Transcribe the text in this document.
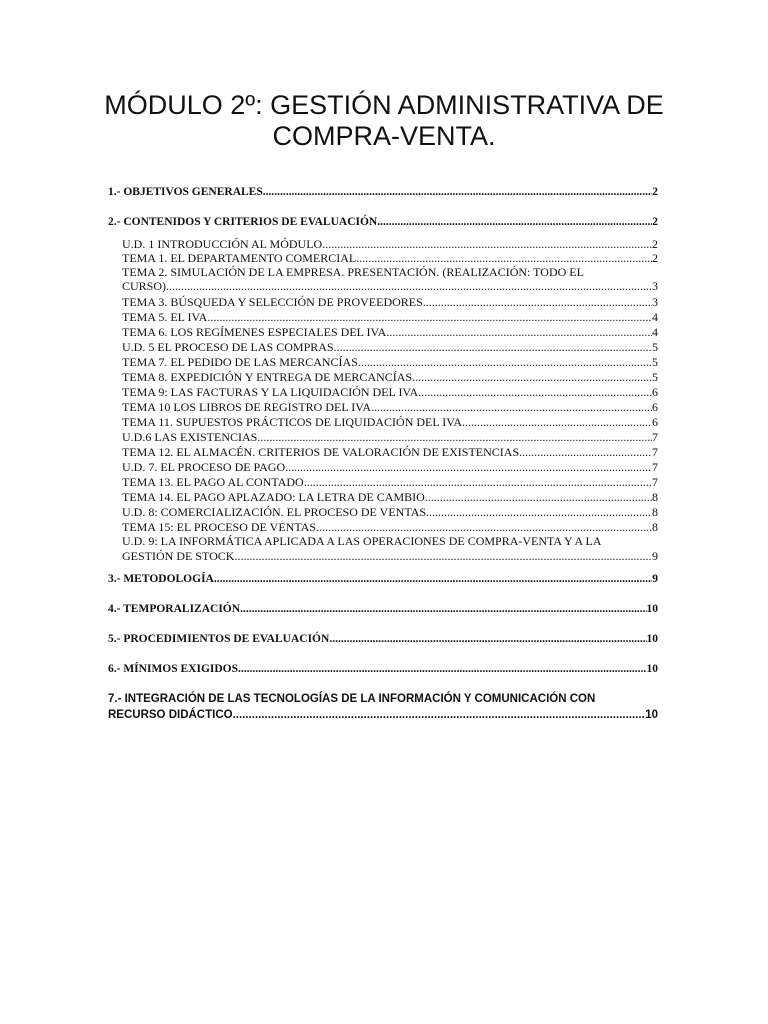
MÓDULO 2º: GESTIÓN ADMINISTRATIVA DE
COMPRA-VENTA.
1.- OBJETIVOS GENERALES. .....	2
2.- CONTENIDOS Y CRITERIOS DE EVALUACIÓN .....	2
U.D. 1 INTRODUCCIÓN AL MÓDULO. .....	2
TEMA 1. EL DEPARTAMENTO COMERCIAL .....	2
TEMA 2. SIMULACIÓN DE LA EMPRESA. PRESENTACIÓN. (REALIZACIÓN: TODO EL
CURSO) .....	3
TEMA 3. BÚSQUEDA Y SELECCIÓN DE PROVEEDORES .....	3
TEMA 5. EL IVA .....	4
TEMA 6. LOS REGÍMENES ESPECIALES DEL IVA .....	4
U.D. 5 EL PROCESO DE LAS COMPRAS .....	5
TEMA 7. EL PEDIDO DE LAS MERCANCÍAS .....	5
TEMA 8. EXPEDICIÓN Y ENTREGA DE MERCANCÍAS .....	5
TEMA 9: LAS FACTURAS Y LA LIQUIDACIÓN DEL IVA .....	6
TEMA 10 LOS LIBROS DE REGISTRO DEL IVA .....	6
TEMA 11. SUPUESTOS PRÁCTICOS DE LIQUIDACIÓN DEL IVA .....	6
U.D.6 LAS EXISTENCIAS .....	7
TEMA 12. EL ALMACÉN. CRITERIOS DE VALORACIÓN DE EXISTENCIAS. .....	7
U.D. 7. EL PROCESO DE PAGO .....	7
TEMA 13. EL PAGO AL CONTADO .....	7
TEMA 14. EL PAGO APLAZADO: LA LETRA DE CAMBIO .....	8
U.D. 8: COMERCIALIZACIÓN. EL PROCESO DE VENTAS .....	8
TEMA 15: EL PROCESO DE VENTAS .....	8
U.D. 9: LA INFORMÁTICA APLICADA A LAS OPERACIONES DE COMPRA-VENTA Y A LA
GESTIÓN DE STOCK .....	9
3.- METODOLOGÍA .....	9
4.- TEMPORALIZACIÓN .....	10
5.- PROCEDIMIENTOS DE EVALUACIÓN .....	10
6.- MÍNIMOS EXIGIDOS .....	10
7.- INTEGRACIÓN DE LAS TECNOLOGÍAS DE LA INFORMACIÓN Y COMUNICACIÓN CON
RECURSO DIDÁCTICO. .....	10
